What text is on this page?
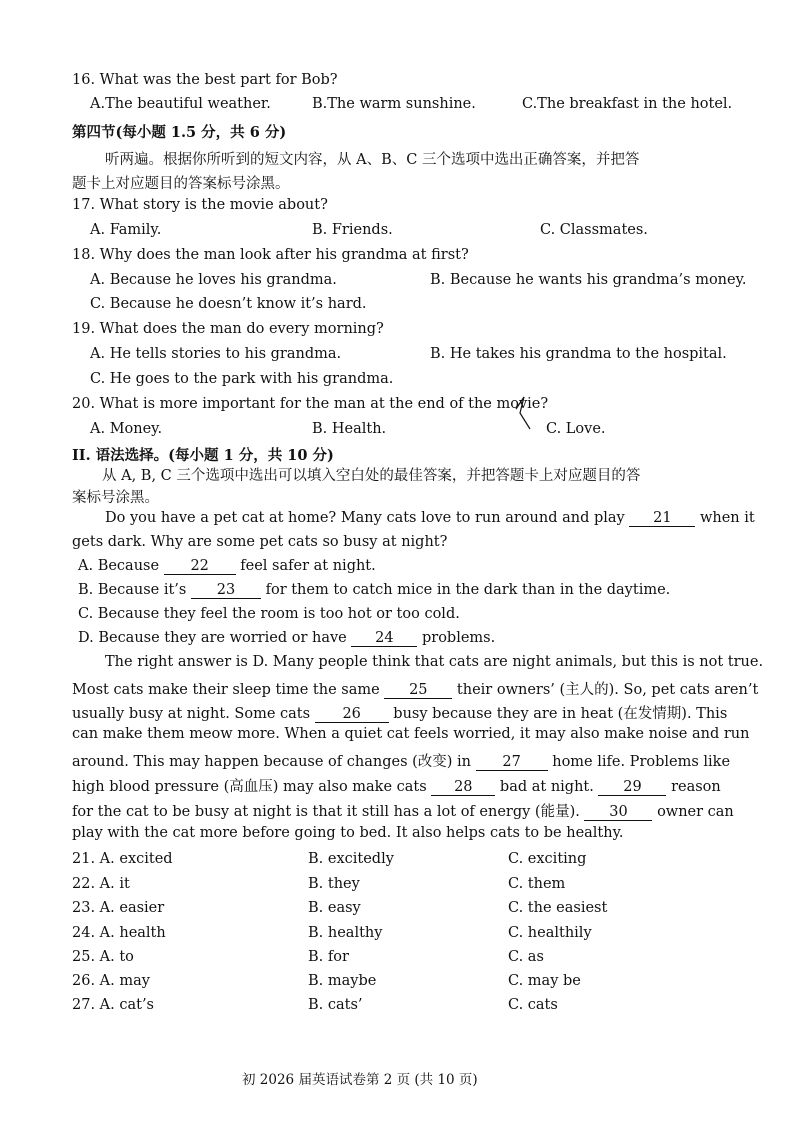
16. What was the best part for Bob?
A.The beautiful weather.	B.The warm sunshine.	C.The breakfast in the hotel.
第四节(每小题 1.5 分，共 6 分)
听两遍。根据你所听到的短文内容，从 A、B、C 三个选项中选出正确答案，并把答
题卡上对应题目的答案标号涂黑。
17. What story is the movie about?
A. Family.	B. Friends.	C. Classmates.
18. Why does the man look after his grandma at first?
A. Because he loves his grandma.	B. Because he wants his grandma’s money.
C. Because he doesn’t know it’s hard.
19. What does the man do every morning?
A. He tells stories to his grandma.	B. He takes his grandma to the hospital.
C. He goes to the park with his grandma.
20. What is more important for the man at the end of the movie?
A. Money.	B. Health.	C. Love.
II. 语法选择。(每小题 1 分，共 10 分)
从 A, B, C 三个选项中选出可以填入空白处的最佳答案，并把答题卡上对应题目的答
案标号涂黑。
Do you have a pet cat at home? Many cats love to run around and play 21 when it
gets dark. Why are some pet cats so busy at night?
A. Because 22 feel safer at night.
B. Because it’s 23 for them to catch mice in the dark than in the daytime.
C. Because they feel the room is too hot or too cold.
D. Because they are worried or have 24 problems.
The right answer is D. Many people think that cats are night animals, but this is not true.
Most cats make their sleep time the same 25 their owners’ (主人的). So, pet cats aren’t
usually busy at night. Some cats 26 busy because they are in heat (在发情期). This
can make them meow more. When a quiet cat feels worried, it may also make noise and run
around. This may happen because of changes (改变) in 27 home life. Problems like
high blood pressure (高血压) may also make cats 28 bad at night. 29 reason
for the cat to be busy at night is that it still has a lot of energy (能量). 30 owner can
play with the cat more before going to bed. It also helps cats to be healthy.
21. A. excited	B. excitedly	C. exciting
22. A. it	B. they	C. them
23. A. easier	B. easy	C. the easiest
24. A. health	B. healthy	C. healthily
25. A. to	B. for	C. as
26. A. may	B. maybe	C. may be
27. A. cat’s	B. cats’	C. cats
初 2026 届英语试卷第 2 页 (共 10 页)
